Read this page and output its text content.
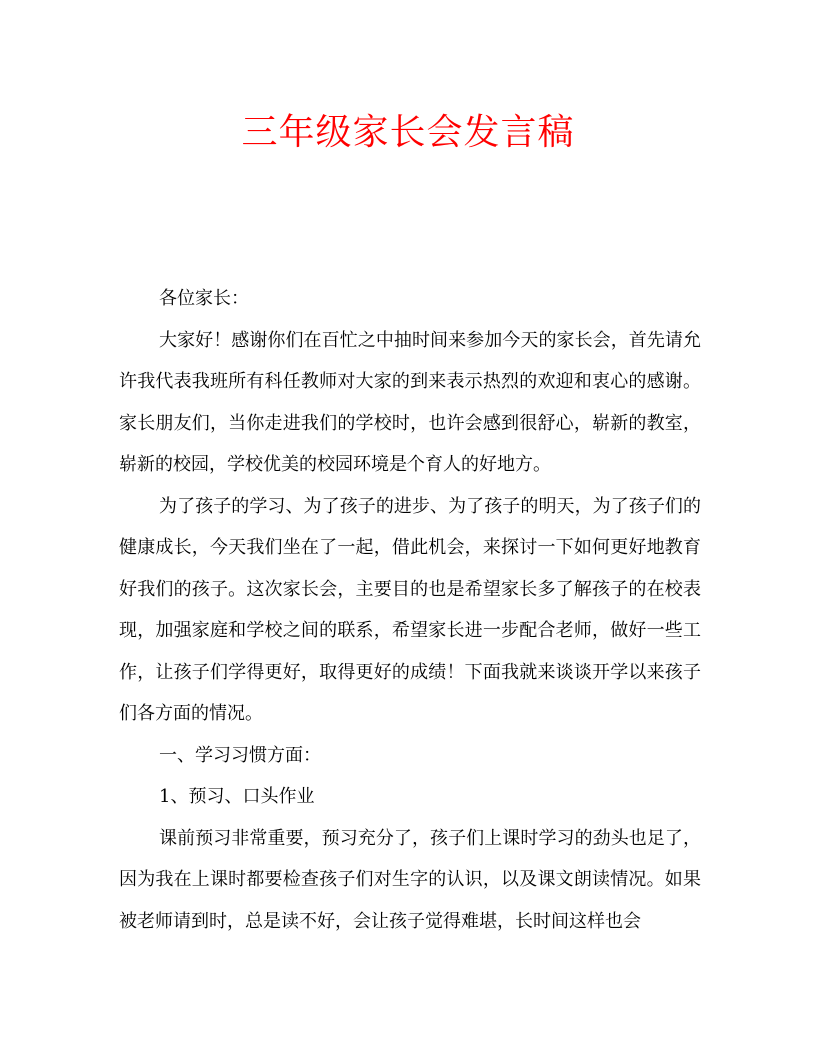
三年级家长会发言稿

各位家长：

大家好！感谢你们在百忙之中抽时间来参加今天的家长会，首先请允许我代表我班所有科任教师对大家的到来表示热烈的欢迎和衷心的感谢。家长朋友们，当你走进我们的学校时，也许会感到很舒心，崭新的教室，崭新的校园，学校优美的校园环境是个育人的好地方。

为了孩子的学习、为了孩子的进步、为了孩子的明天，为了孩子们的健康成长，今天我们坐在了一起，借此机会，来探讨一下如何更好地教育好我们的孩子。这次家长会，主要目的也是希望家长多了解孩子的在校表现，加强家庭和学校之间的联系，希望家长进一步配合老师，做好一些工作，让孩子们学得更好，取得更好的成绩！下面我就来谈谈开学以来孩子们各方面的情况。

一、学习习惯方面：

1、预习、口头作业

课前预习非常重要，预习充分了，孩子们上课时学习的劲头也足了，因为我在上课时都要检查孩子们对生字的认识，以及课文朗读情况。如果被老师请到时，总是读不好，会让孩子觉得难堪，长时间这样也会
